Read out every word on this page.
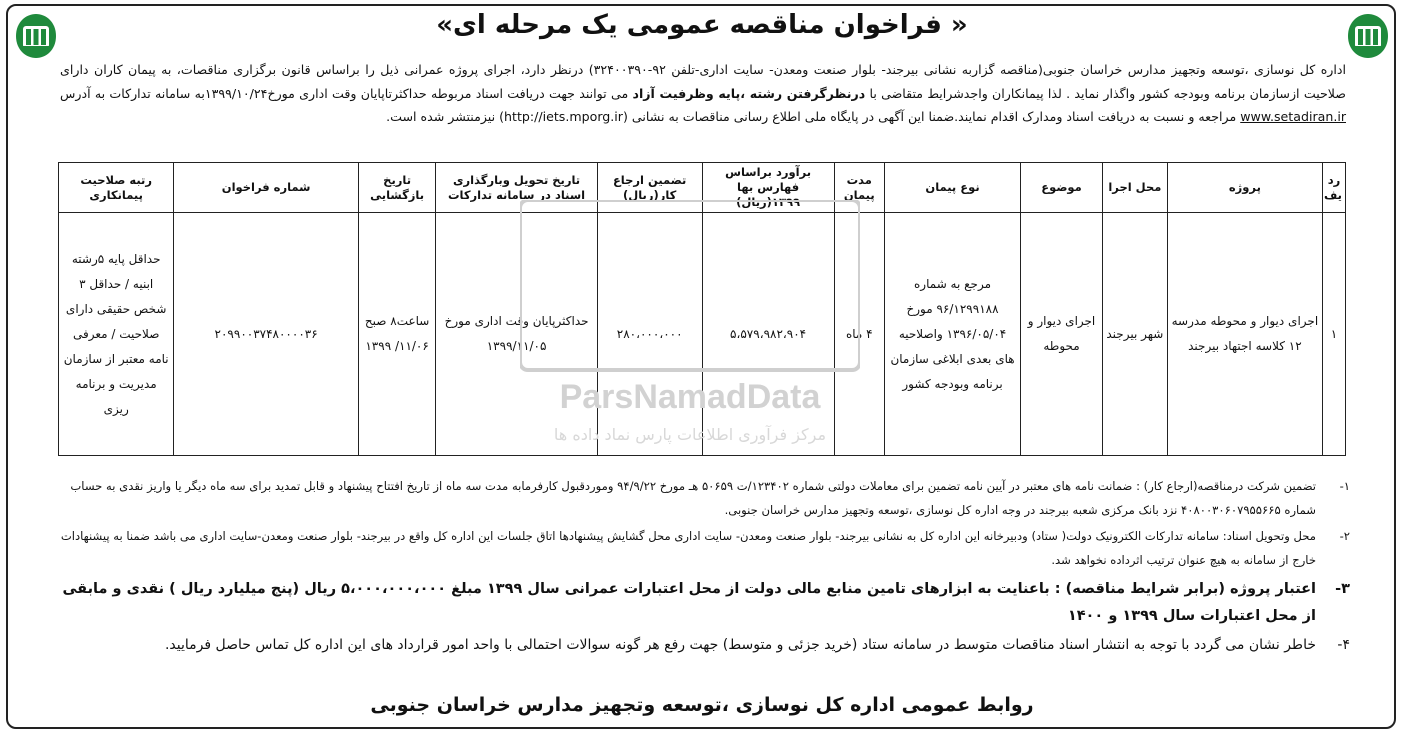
« فراخوان مناقصه عمومی یک مرحله ای»
اداره کل نوسازی ،توسعه وتجهیز مدارس خراسان جنوبی(مناقصه گزاربه نشانی بیرجند- بلوار صنعت ومعدن- سایت اداری-تلفن ۹۲-۳۲۴۰۰۳۹۰) درنظر دارد، اجرای پروژه عمرانی ذیل را براساس قانون برگزاری مناقصات، به پیمان کاران دارای صلاحیت ازسازمان برنامه وبودجه کشور واگذار نماید . لذا پیمانکاران واجدشرایط متقاضی با درنظرگرفتن رشته ،پایه وظرفیت آزاد می توانند جهت دریافت اسناد مربوطه حداکثرتاپایان وقت اداری مورخ۱۳۹۹/۱۰/۲۴به سامانه تدارکات به آدرس www.setadiran.ir مراجعه و نسبت به دریافت اسناد ومدارک اقدام نمایند.ضمنا این آگهی در پایگاه ملی اطلاع رسانی مناقصات به نشانی (http://iets.mporg.ir) نیزمنتشر شده است.
رد یف	پروژه	محل اجرا	موضوع	نوع پیمان	مدت پیمان	برآورد براساس فهارس بها ۱۳۹۹(ریال)	تضمین ارجاع کار(ریال)	تاریخ تحویل وبارگذاری اسناد در سامانه تدارکات	تاریخ بازگشایی	شماره فراخوان	رتبه صلاحیت پیمانکاری
۱	اجرای دیوار و محوطه مدرسه ۱۲ کلاسه اجتهاد بیرجند	شهر بیرجند	اجرای دیوار و محوطه	مرجع به شماره ۹۶/۱۲۹۹۱۸۸ مورخ ۱۳۹۶/۰۵/۰۴ واصلاحیه های بعدی ابلاغی سازمان برنامه وبودجه کشور	۴ ماه	۵،۵۷۹،۹۸۲،۹۰۴	۲۸۰،۰۰۰،۰۰۰	حداکثرپایان وقت اداری مورخ ۱۳۹۹/۱۱/۰۵	ساعت۸ صبح ۱۱/۰۶/ ۱۳۹۹	۲۰۹۹۰۰۳۷۴۸۰۰۰۰۳۶	حداقل پایه ۵رشته ابنیه / حداقل ۳ شخص حقیقی دارای صلاحیت / معرفی نامه معتبر از سازمان مدیریت و برنامه ریزی	ParsNamadData
مرکز فرآوری اطلاعات پارس نماد داده ها
۱-
تضمین شرکت درمناقصه(ارجاع کار) : ضمانت نامه های معتبر در آیین نامه تضمین برای معاملات دولتی شماره ۱۲۳۴۰۲/ت ۵۰۶۵۹ هـ مورخ ۹۴/۹/۲۲ وموردقبول کارفرمابه مدت سه ماه از تاریخ افتتاح پیشنهاد و قابل تمدید برای سه ماه دیگر یا واریز نقدی به حساب شماره ۴۰۸۰۰۳۰۶۰۷۹۵۵۶۶۵ نزد بانک مرکزی شعبه بیرجند در وجه اداره کل نوسازی ،توسعه وتجهیز مدارس خراسان جنوبی.
۲-
محل وتحویل اسناد: سامانه تدارکات الکترونیک دولت( ستاد) ودبیرخانه این اداره کل به نشانی بیرجند- بلوار صنعت ومعدن- سایت اداری محل گشایش پیشنهادها اتاق جلسات این اداره کل واقع در بیرجند- بلوار صنعت ومعدن-سایت اداری می باشد ضمنا به پیشنهادات خارج از سامانه به هیچ عنوان ترتیب اثرداده نخواهد شد.
۳-
اعتبار پروژه (برابر شرایط مناقصه) : باعنایت به ابزارهای تامین منابع مالی دولت از محل اعتبارات عمرانی سال ۱۳۹۹ مبلغ ۵،۰۰۰،۰۰۰،۰۰۰ ریال (پنج میلیارد ریال ) نقدی و مابقی از محل اعتبارات سال ۱۳۹۹ و ۱۴۰۰
۴-
خاطر نشان می گردد با توجه به انتشار اسناد مناقصات متوسط در سامانه ستاد (خرید جزئی و متوسط) جهت رفع هر گونه سوالات احتمالی با واحد امور قرارداد های این اداره کل تماس حاصل فرمایید.
روابط عمومی اداره کل نوسازی ،توسعه وتجهیز مدارس خراسان جنوبی
